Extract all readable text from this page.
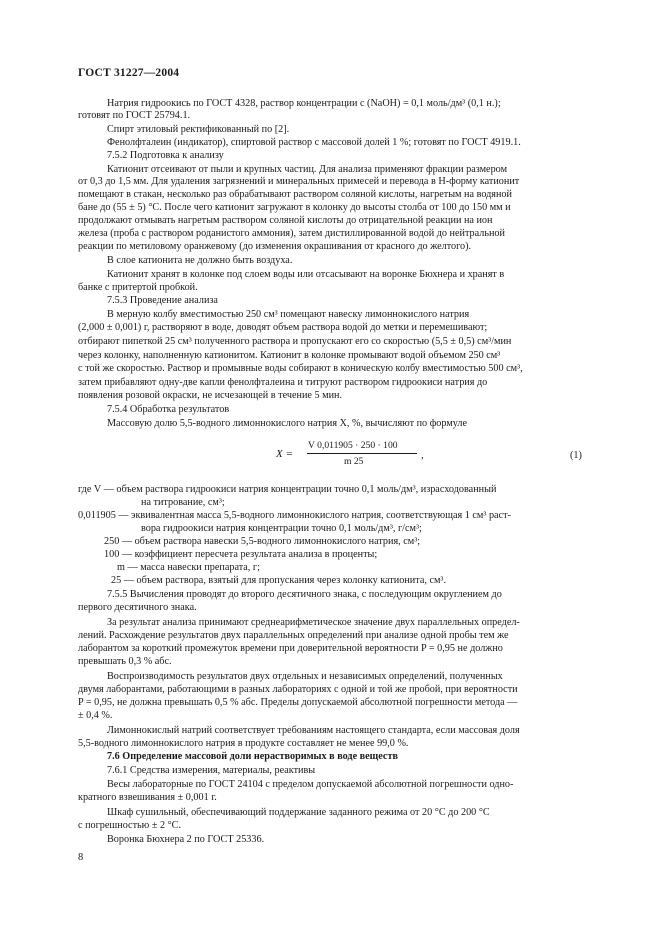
ГОСТ 31227—2004
Натрия гидроокись по ГОСТ 4328, раствор концентрации c (NaOH) = 0,1 моль/дм³ (0,1 н.);
готовят по ГОСТ 25794.1.
Спирт этиловый ректификованный по [2].
Фенолфталеин (индикатор), спиртовой раствор с массовой долей 1 %; готовят по ГОСТ 4919.1.
7.5.2 Подготовка к анализу
Катионит отсеивают от пыли и крупных частиц. Для анализа применяют фракции размером
от 0,3 до 1,5 мм. Для удаления загрязнений и минеральных примесей и перевода в H-форму катионит
помещают в стакан, несколько раз обрабатывают раствором соляной кислоты, нагретым на водяной
бане до (55 ± 5) °С. После чего катионит загружают в колонку до высоты столба от 100 до 150 мм и
продолжают отмывать нагретым раствором соляной кислоты до отрицательной реакции на ион
железа (проба с раствором роданистого аммония), затем дистиллированной водой до нейтральной
реакции по метиловому оранжевому (до изменения окрашивания от красного до желтого).
В слое катионита не должно быть воздуха.
Катионит хранят в колонке под слоем воды или отсасывают на воронке Бюхнера и хранят в
банке с притертой пробкой.
7.5.3 Проведение анализа
В мерную колбу вместимостью 250 см³ помещают навеску лимоннокислого натрия
(2,000 ± 0,001) г, растворяют в воде, доводят объем раствора водой до метки и перемешивают;
отбирают пипеткой 25 см³ полученного раствора и пропускают его со скоростью (5,5 ± 0,5) см³/мин
через колонку, наполненную катионитом. Катионит в колонке промывают водой объемом 250 см³
с той же скоростью. Раствор и промывные воды собирают в коническую колбу вместимостью 500 см³,
затем прибавляют одну-две капли фенолфталеина и титруют раствором гидроокиси натрия до
появления розовой окраски, не исчезающей в течение 5 мин.
7.5.4 Обработка результатов
Массовую долю 5,5-водного лимоннокислого натрия X, %, вычисляют по формуле
X =
V 0,011905 · 250 · 100
m 25
,	(1)
где V — объем раствора гидроокиси натрия концентрации точно 0,1 моль/дм³, израсходованный
на титрование, см³;
0,011905 — эквивалентная масса 5,5-водного лимоннокислого натрия, соответствующая 1 см³ раст-
вора гидроокиси натрия концентрации точно 0,1 моль/дм³, г/см³;
250 — объем раствора навески 5,5-водного лимоннокислого натрия, см³;
100 — коэффициент пересчета результата анализа в проценты;
m — масса навески препарата, г;
25 — объем раствора, взятый для пропускания через колонку катионита, см³.
7.5.5 Вычисления проводят до второго десятичного знака, с последующим округлением до
первого десятичного знака.
За результат анализа принимают среднеарифметическое значение двух параллельных определ-
лений. Расхождение результатов двух параллельных определений при анализе одной пробы тем же
лаборантом за короткий промежуток времени при доверительной вероятности P = 0,95 не должно
превышать 0,3 % абс.
Воспроизводимость результатов двух отдельных и независимых определений, полученных
двумя лаборантами, работающими в разных лабораториях с одной и той же пробой, при вероятности
P = 0,95, не должна превышать 0,5 % абс. Пределы допускаемой абсолютной погрешности метода —
± 0,4 %.
Лимоннокислый натрий соответствует требованиям настоящего стандарта, если массовая доля
5,5-водного лимоннокислого натрия в продукте составляет не менее 99,0 %.
7.6 Определение массовой доли нерастворимых в воде веществ
7.6.1 Средства измерения, материалы, реактивы
Весы лабораторные по ГОСТ 24104 с пределом допускаемой абсолютной погрешности одно-
кратного взвешивания ± 0,001 г.
Шкаф сушильный, обеспечивающий поддержание заданного режима от 20 °С до 200 °С
с погрешностью ± 2 °С.
Воронка Бюхнера 2 по ГОСТ 25336.
8
